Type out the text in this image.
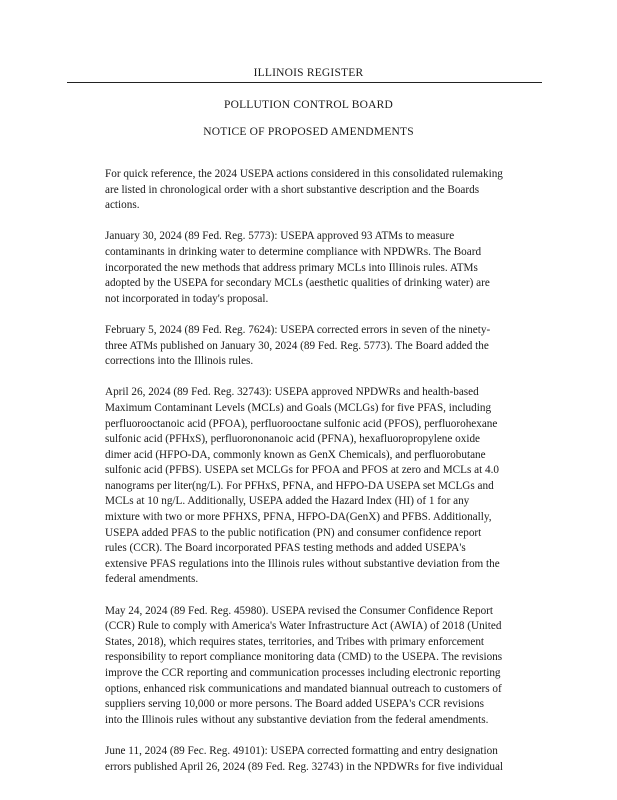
ILLINOIS REGISTER
POLLUTION CONTROL BOARD
NOTICE OF PROPOSED AMENDMENTS

For quick reference, the 2024 USEPA actions considered in this consolidated rulemaking
are listed in chronological order with a short substantive description and the Boards
actions.

January 30, 2024 (89 Fed. Reg. 5773): USEPA approved 93 ATMs to measure
contaminants in drinking water to determine compliance with NPDWRs. The Board
incorporated the new methods that address primary MCLs into Illinois rules. ATMs
adopted by the USEPA for secondary MCLs (aesthetic qualities of drinking water) are
not incorporated in today's proposal.

February 5, 2024 (89 Fed. Reg. 7624): USEPA corrected errors in seven of the ninety-
three ATMs published on January 30, 2024 (89 Fed. Reg. 5773). The Board added the
corrections into the Illinois rules.

April 26, 2024 (89 Fed. Reg. 32743): USEPA approved NPDWRs and health-based
Maximum Contaminant Levels (MCLs) and Goals (MCLGs) for five PFAS, including
perfluorooctanoic acid (PFOA), perfluorooctane sulfonic acid (PFOS), perfluorohexane
sulfonic acid (PFHxS), perfluorononanoic acid (PFNA), hexafluoropropylene oxide
dimer acid (HFPO-DA, commonly known as GenX Chemicals), and perfluorobutane
sulfonic acid (PFBS). USEPA set MCLGs for PFOA and PFOS at zero and MCLs at 4.0
nanograms per liter(ng/L). For PFHxS, PFNA, and HFPO-DA USEPA set MCLGs and
MCLs at 10 ng/L. Additionally, USEPA added the Hazard Index (HI) of 1 for any
mixture with two or more PFHXS, PFNA, HFPO-DA(GenX) and PFBS. Additionally,
USEPA added PFAS to the public notification (PN) and consumer confidence report
rules (CCR). The Board incorporated PFAS testing methods and added USEPA's
extensive PFAS regulations into the Illinois rules without substantive deviation from the
federal amendments.

May 24, 2024 (89 Fed. Reg. 45980). USEPA revised the Consumer Confidence Report
(CCR) Rule to comply with America's Water Infrastructure Act (AWIA) of 2018 (United
States, 2018), which requires states, territories, and Tribes with primary enforcement
responsibility to report compliance monitoring data (CMD) to the USEPA. The revisions
improve the CCR reporting and communication processes including electronic reporting
options, enhanced risk communications and mandated biannual outreach to customers of
suppliers serving 10,000 or more persons. The Board added USEPA's CCR revisions
into the Illinois rules without any substantive deviation from the federal amendments.

June 11, 2024 (89 Fec. Reg. 49101): USEPA corrected formatting and entry designation
errors published April 26, 2024 (89 Fed. Reg. 32743) in the NPDWRs for five individual
